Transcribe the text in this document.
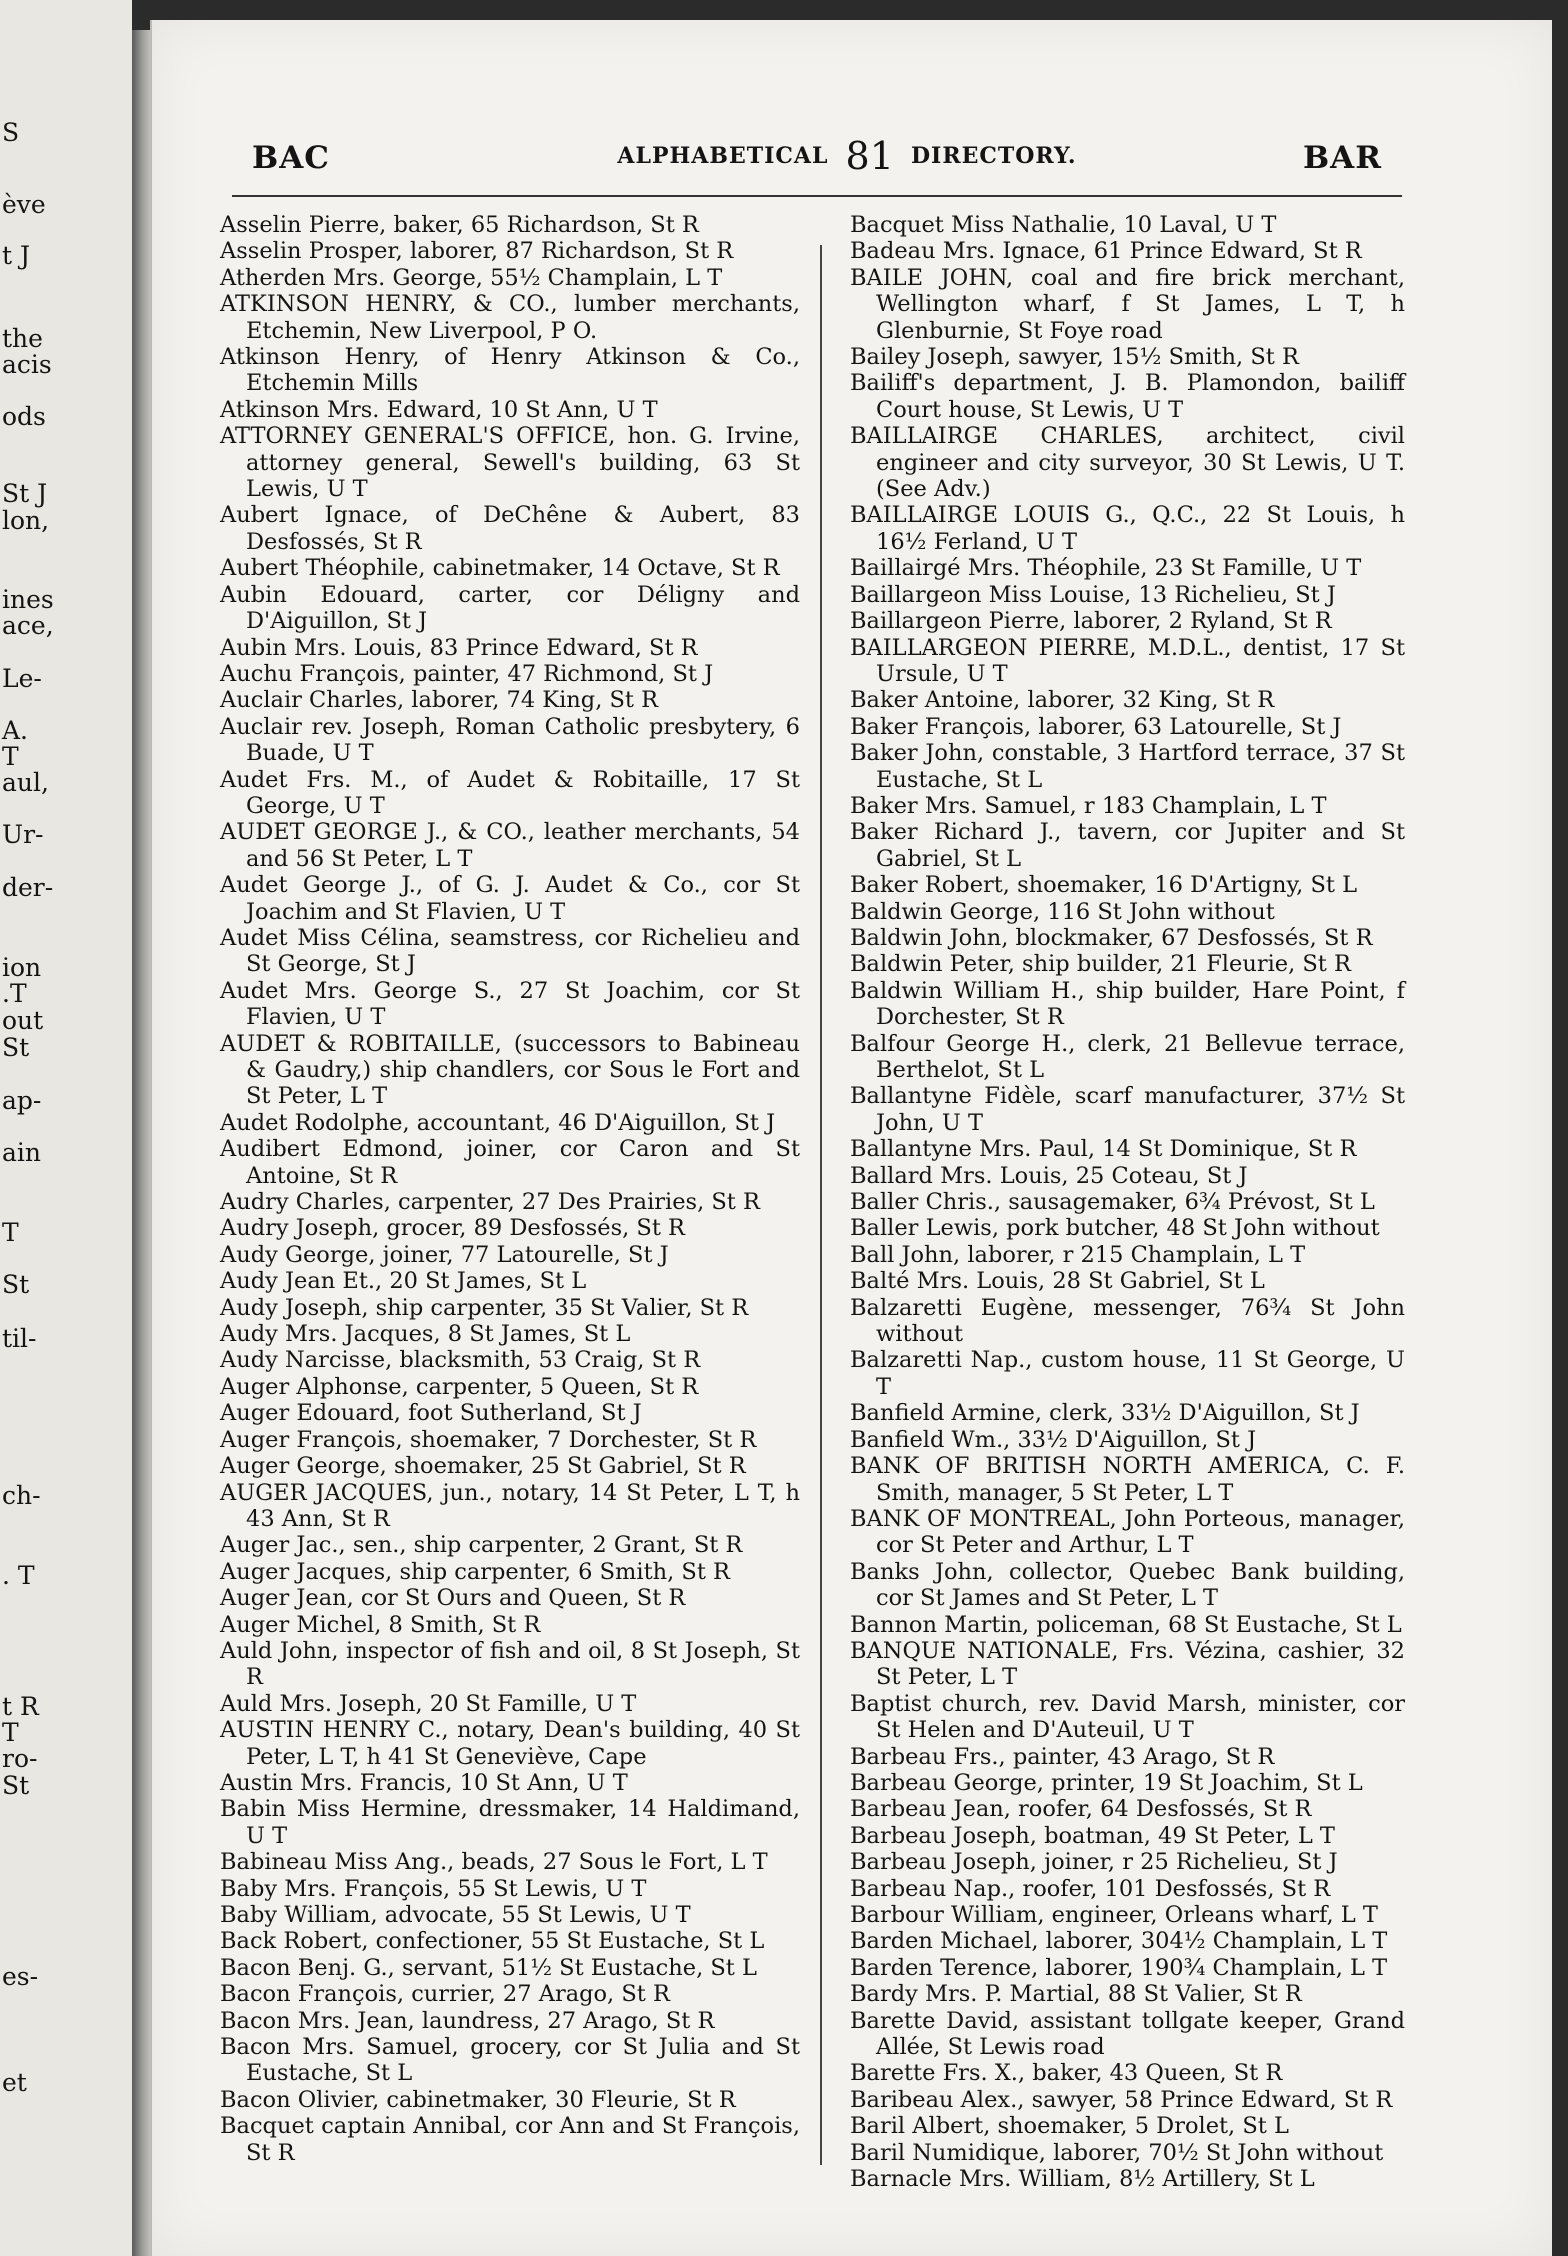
S
ève
t J
the
acis
ods
St J
lon,
ines
ace,
Le-
A.
T
aul,
Ur-
der-
ion
.T
out
St
ap-
ain
T
St
til-
ch-
. T
t R
T
ro-
St
es-
et
BAC	ALPHABETICAL 81 DIRECTORY.	BAR
Asselin Pierre, baker, 65 Richardson, St R
Asselin Prosper, laborer, 87 Richardson, St R
Atherden Mrs. George, 55½ Champlain, L T
ATKINSON HENRY, & CO., lumber merchants, Etchemin, New Liverpool, P O.
Atkinson Henry, of Henry Atkinson & Co., Etchemin Mills
Atkinson Mrs. Edward, 10 St Ann, U T
ATTORNEY GENERAL'S OFFICE, hon. G. Irvine, attorney general, Sewell's building, 63 St Lewis, U T
Aubert Ignace, of DeChêne & Aubert, 83 Desfossés, St R
Aubert Théophile, cabinetmaker, 14 Octave, St R
Aubin Edouard, carter, cor Déligny and D'Aiguillon, St J
Aubin Mrs. Louis, 83 Prince Edward, St R
Auchu François, painter, 47 Richmond, St J
Auclair Charles, laborer, 74 King, St R
Auclair rev. Joseph, Roman Catholic presbytery, 6 Buade, U T
Audet Frs. M., of Audet & Robitaille, 17 St George, U T
AUDET GEORGE J., & CO., leather merchants, 54 and 56 St Peter, L T
Audet George J., of G. J. Audet & Co., cor St Joachim and St Flavien, U T
Audet Miss Célina, seamstress, cor Richelieu and St George, St J
Audet Mrs. George S., 27 St Joachim, cor St Flavien, U T
AUDET & ROBITAILLE, (successors to Babineau & Gaudry,) ship chandlers, cor Sous le Fort and St Peter, L T
Audet Rodolphe, accountant, 46 D'Aiguillon, St J
Audibert Edmond, joiner, cor Caron and St Antoine, St R
Audry Charles, carpenter, 27 Des Prairies, St R
Audry Joseph, grocer, 89 Desfossés, St R
Audy George, joiner, 77 Latourelle, St J
Audy Jean Et., 20 St James, St L
Audy Joseph, ship carpenter, 35 St Valier, St R
Audy Mrs. Jacques, 8 St James, St L
Audy Narcisse, blacksmith, 53 Craig, St R
Auger Alphonse, carpenter, 5 Queen, St R
Auger Edouard, foot Sutherland, St J
Auger François, shoemaker, 7 Dorchester, St R
Auger George, shoemaker, 25 St Gabriel, St R
AUGER JACQUES, jun., notary, 14 St Peter, L T, h 43 Ann, St R
Auger Jac., sen., ship carpenter, 2 Grant, St R
Auger Jacques, ship carpenter, 6 Smith, St R
Auger Jean, cor St Ours and Queen, St R
Auger Michel, 8 Smith, St R
Auld John, inspector of fish and oil, 8 St Joseph, St R
Auld Mrs. Joseph, 20 St Famille, U T
AUSTIN HENRY C., notary, Dean's building, 40 St Peter, L T, h 41 St Geneviève, Cape
Austin Mrs. Francis, 10 St Ann, U T
Babin Miss Hermine, dressmaker, 14 Haldimand, U T
Babineau Miss Ang., beads, 27 Sous le Fort, L T
Baby Mrs. François, 55 St Lewis, U T
Baby William, advocate, 55 St Lewis, U T
Back Robert, confectioner, 55 St Eustache, St L
Bacon Benj. G., servant, 51½ St Eustache, St L
Bacon François, currier, 27 Arago, St R
Bacon Mrs. Jean, laundress, 27 Arago, St R
Bacon Mrs. Samuel, grocery, cor St Julia and St Eustache, St L
Bacon Olivier, cabinetmaker, 30 Fleurie, St R
Bacquet captain Annibal, cor Ann and St François, St R
Bacquet Miss Nathalie, 10 Laval, U T
Badeau Mrs. Ignace, 61 Prince Edward, St R
BAILE JOHN, coal and fire brick merchant, Wellington wharf, f St James, L T, h Glenburnie, St Foye road
Bailey Joseph, sawyer, 15½ Smith, St R
Bailiff's department, J. B. Plamondon, bailiff Court house, St Lewis, U T
BAILLAIRGE CHARLES, architect, civil engineer and city surveyor, 30 St Lewis, U T. (See Adv.)
BAILLAIRGE LOUIS G., Q.C., 22 St Louis, h 16½ Ferland, U T
Baillairgé Mrs. Théophile, 23 St Famille, U T
Baillargeon Miss Louise, 13 Richelieu, St J
Baillargeon Pierre, laborer, 2 Ryland, St R
BAILLARGEON PIERRE, M.D.L., dentist, 17 St Ursule, U T
Baker Antoine, laborer, 32 King, St R
Baker François, laborer, 63 Latourelle, St J
Baker John, constable, 3 Hartford terrace, 37 St Eustache, St L
Baker Mrs. Samuel, r 183 Champlain, L T
Baker Richard J., tavern, cor Jupiter and St Gabriel, St L
Baker Robert, shoemaker, 16 D'Artigny, St L
Baldwin George, 116 St John without
Baldwin John, blockmaker, 67 Desfossés, St R
Baldwin Peter, ship builder, 21 Fleurie, St R
Baldwin William H., ship builder, Hare Point, f Dorchester, St R
Balfour George H., clerk, 21 Bellevue terrace, Berthelot, St L
Ballantyne Fidèle, scarf manufacturer, 37½ St John, U T
Ballantyne Mrs. Paul, 14 St Dominique, St R
Ballard Mrs. Louis, 25 Coteau, St J
Baller Chris., sausagemaker, 6¾ Prévost, St L
Baller Lewis, pork butcher, 48 St John without
Ball John, laborer, r 215 Champlain, L T
Balté Mrs. Louis, 28 St Gabriel, St L
Balzaretti Eugène, messenger, 76¾ St John without
Balzaretti Nap., custom house, 11 St George, U T
Banfield Armine, clerk, 33½ D'Aiguillon, St J
Banfield Wm., 33½ D'Aiguillon, St J
BANK OF BRITISH NORTH AMERICA, C. F. Smith, manager, 5 St Peter, L T
BANK OF MONTREAL, John Porteous, manager, cor St Peter and Arthur, L T
Banks John, collector, Quebec Bank building, cor St James and St Peter, L T
Bannon Martin, policeman, 68 St Eustache, St L
BANQUE NATIONALE, Frs. Vézina, cashier, 32 St Peter, L T
Baptist church, rev. David Marsh, minister, cor St Helen and D'Auteuil, U T
Barbeau Frs., painter, 43 Arago, St R
Barbeau George, printer, 19 St Joachim, St L
Barbeau Jean, roofer, 64 Desfossés, St R
Barbeau Joseph, boatman, 49 St Peter, L T
Barbeau Joseph, joiner, r 25 Richelieu, St J
Barbeau Nap., roofer, 101 Desfossés, St R
Barbour William, engineer, Orleans wharf, L T
Barden Michael, laborer, 304½ Champlain, L T
Barden Terence, laborer, 190¾ Champlain, L T
Bardy Mrs. P. Martial, 88 St Valier, St R
Barette David, assistant tollgate keeper, Grand Allée, St Lewis road
Barette Frs. X., baker, 43 Queen, St R
Baribeau Alex., sawyer, 58 Prince Edward, St R
Baril Albert, shoemaker, 5 Drolet, St L
Baril Numidique, laborer, 70½ St John without
Barnacle Mrs. William, 8½ Artillery, St L
